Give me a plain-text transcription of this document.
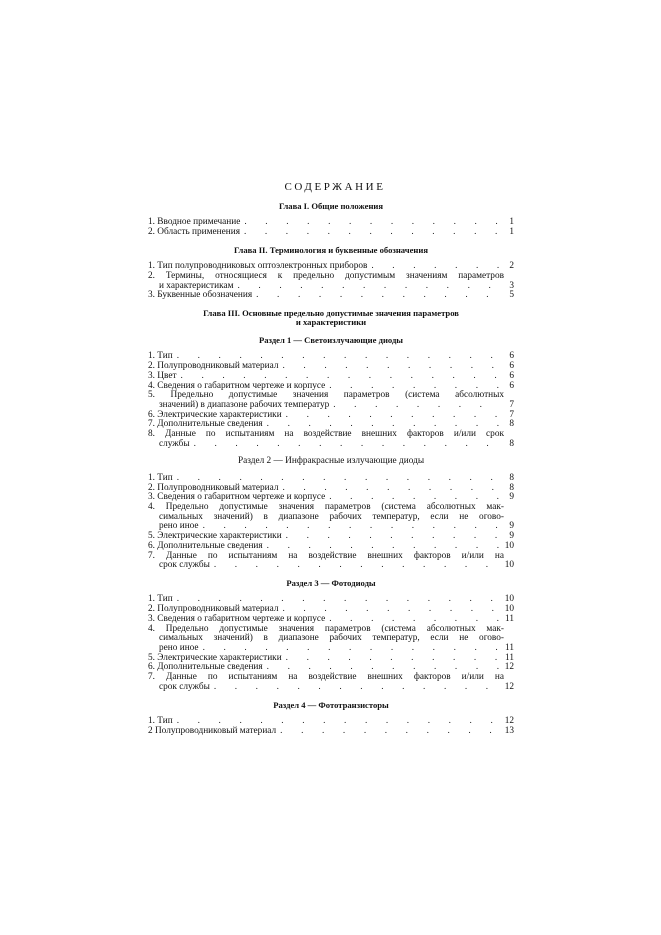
СОДЕРЖАНИЕ
Глава I. Общие положения
1. Вводное примечание .	1
2. Область применения .	1
Глава II. Терминология и буквенные обозначения
1. Тип полупроводниковых оптоэлектронных приборов .	2
2. Термины, относящиеся к предельно допустимым значениям параметров
и характеристикам .	3
3. Буквенные обозначения .	5
Глава III. Основные предельно допустимые значения параметров
и характеристики
Раздел 1 — Светоизлучающие диоды
1. Тип .	6
2. Полупроводниковый материал .	6
3. Цвет .	6
4. Сведения о габаритном чертеже и корпусе .	6
5. Предельно допустимые значения параметров (система абсолютных
значений) в диапазоне рабочих температур .	7
6. Электрические характеристики .	7
7. Дополнительные сведения .	8
8. Данные по испытаниям на воздействие внешних факторов и/или срок
службы .	8
Раздел 2 — Инфракрасные излучающие диоды
1. Тип .	8
2. Полупроводниковый материал .	8
3. Сведения о габаритном чертеже и корпусе .	9
4. Предельно допустимые значения параметров (система абсолютных мак-
симальных значений) в диапазоне рабочих температур, если не огово-
рено иное .	9
5. Электрические характеристики .	9
6. Дополнительные сведения .	10
7. Данные по испытаниям на воздействие внешних факторов и/или на
срок службы .	10
Раздел 3 — Фотодиоды
1. Тип .	10
2. Полупроводниковый материал .	10
3. Сведения о габаритном чертеже и корпусе .	11
4. Предельно допустимые значения параметров (система абсолютных мак-
симальных значений) в диапазоне рабочих температур, если не огово-
рено иное .	11
5. Электрические характеристики .	11
6. Дополнительные сведения .	12
7. Данные по испытаниям на воздействие внешних факторов и/или на
срок службы .	12
Раздел 4 — Фототранзисторы
1. Тип .	12
2 Полупроводниковый материал .	13
